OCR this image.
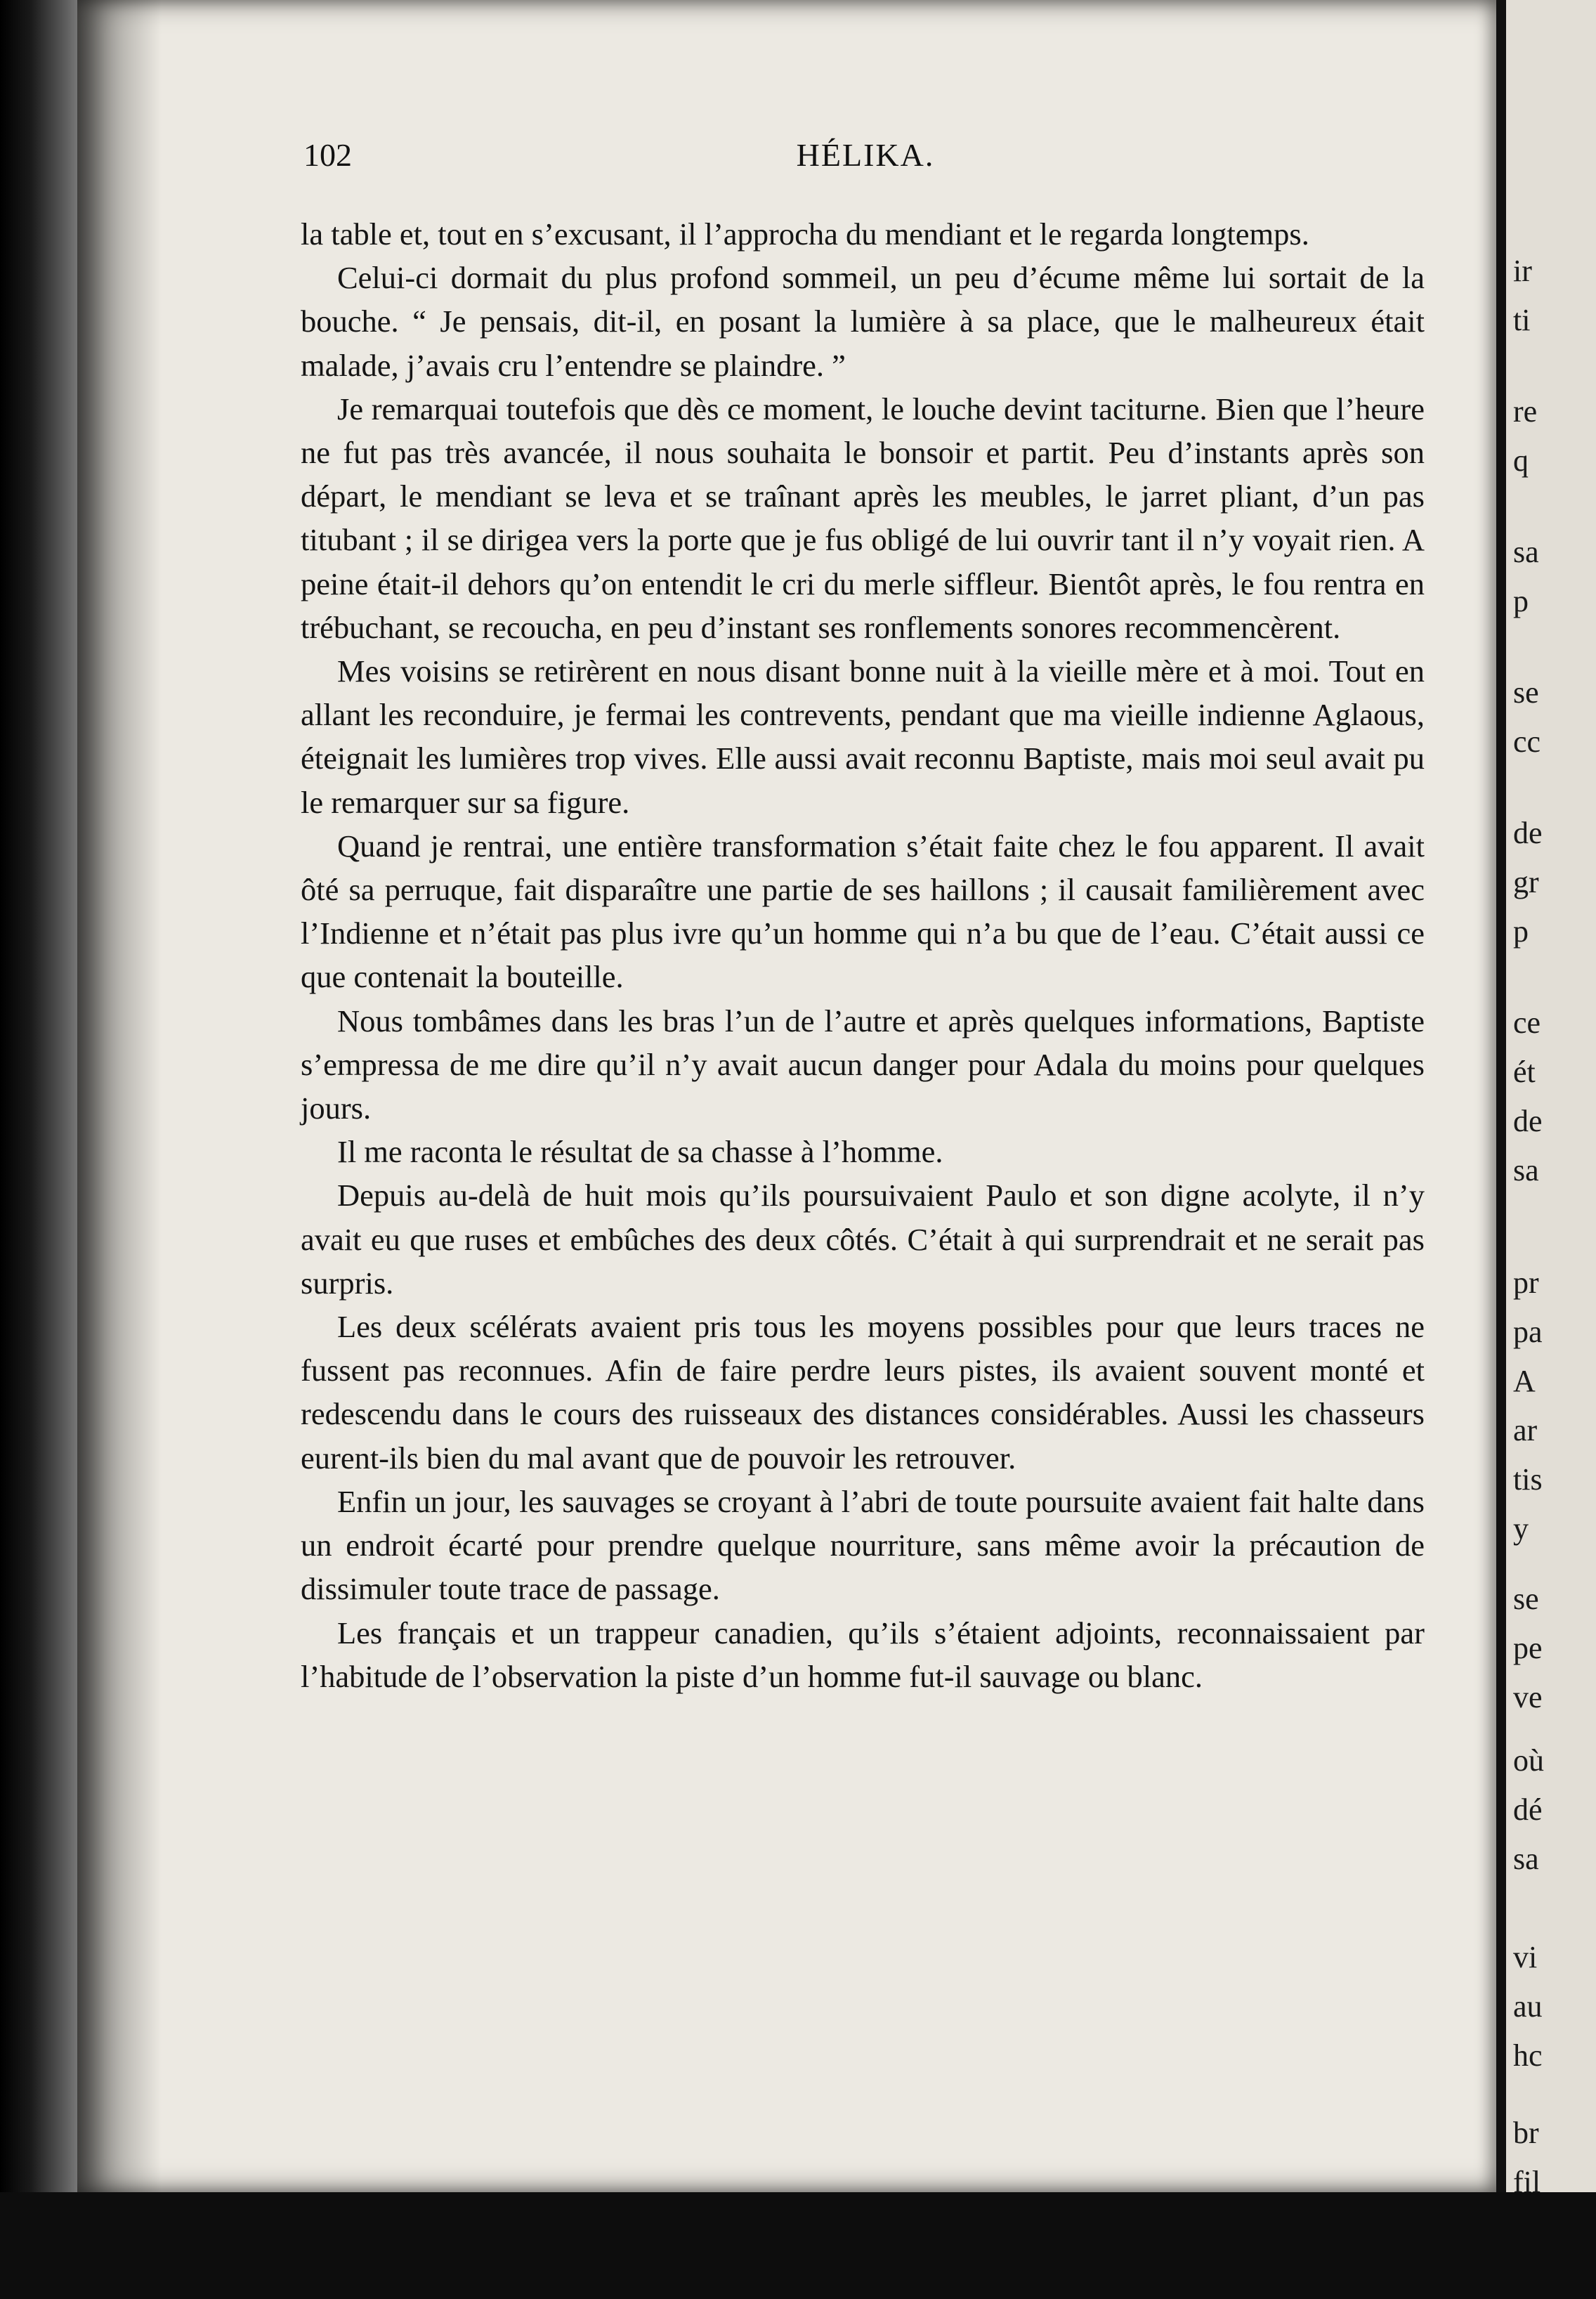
ir
ti
re
q
sa
p
se
cc
de
gr
p
ce
ét
de
sa
pr
pa
A
ar
tis
y
se
pe
ve
où
dé
sa
vi
au
hc
br
fil
102	HÉLIKA.

la table et, tout en s’excusant, il l’approcha du mendiant et le regarda longtemps.

Celui-ci dormait du plus profond sommeil, un peu d’écume même lui sortait de la bouche. “ Je pensais, dit-il, en posant la lumière à sa place, que le malheureux était malade, j’avais cru l’entendre se plaindre. ”

Je remarquai toutefois que dès ce moment, le louche devint taciturne. Bien que l’heure ne fut pas très avancée, il nous souhaita le bonsoir et partit. Peu d’instants après son départ, le mendiant se leva et se traînant après les meubles, le jarret pliant, d’un pas titubant ; il se dirigea vers la porte que je fus obligé de lui ouvrir tant il n’y voyait rien. A peine était-il dehors qu’on entendit le cri du merle siffleur. Bientôt après, le fou rentra en trébuchant, se recoucha, en peu d’instant ses ronflements sonores recommencèrent.

Mes voisins se retirèrent en nous disant bonne nuit à la vieille mère et à moi. Tout en allant les reconduire, je fermai les contrevents, pendant que ma vieille indienne Aglaous, éteignait les lumières trop vives. Elle aussi avait reconnu Baptiste, mais moi seul avait pu le remarquer sur sa figure.

Quand je rentrai, une entière transformation s’était faite chez le fou apparent. Il avait ôté sa perruque, fait disparaître une partie de ses haillons ; il causait familièrement avec l’Indienne et n’était pas plus ivre qu’un homme qui n’a bu que de l’eau. C’était aussi ce que contenait la bouteille.

Nous tombâmes dans les bras l’un de l’autre et après quelques informations, Baptiste s’empressa de me dire qu’il n’y avait aucun danger pour Adala du moins pour quelques jours.

Il me raconta le résultat de sa chasse à l’homme.

Depuis au-delà de huit mois qu’ils poursuivaient Paulo et son digne acolyte, il n’y avait eu que ruses et embûches des deux côtés. C’était à qui surprendrait et ne serait pas surpris.

Les deux scélérats avaient pris tous les moyens possibles pour que leurs traces ne fussent pas reconnues. Afin de faire perdre leurs pistes, ils avaient souvent monté et redescendu dans le cours des ruisseaux des distances considérables. Aussi les chasseurs eurent-ils bien du mal avant que de pouvoir les retrouver.

Enfin un jour, les sauvages se croyant à l’abri de toute poursuite avaient fait halte dans un endroit écarté pour prendre quelque nourriture, sans même avoir la précaution de dissimuler toute trace de passage.

Les français et un trappeur canadien, qu’ils s’étaient adjoints, reconnaissaient par l’habitude de l’observation la piste d’un homme fut-il sauvage ou blanc.
